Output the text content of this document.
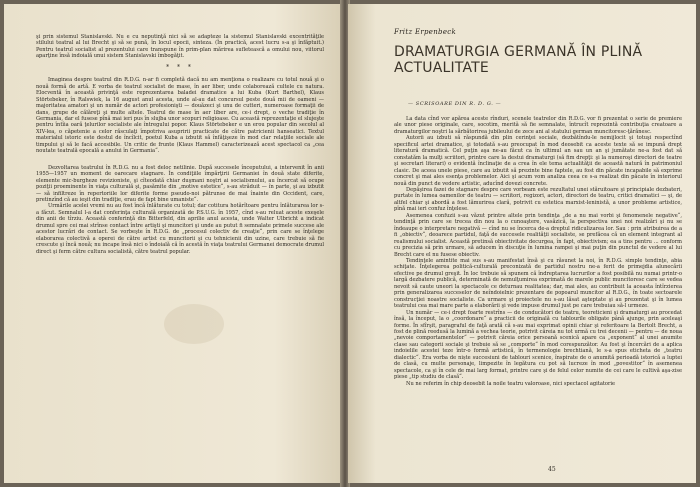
şi prin sistemul Stanislavski. Nu e cu neputinţă nici să se adapteze la sistemul Stanislavski excentrităţile stilului teatral al lui Brecht şi să se pună, în locul epocii, sinteza. (În practică, acest lucru s-a şi înfăptuit.) Pentru teatrul socialist al prezentului care transpune în prim-plan mărirea sufletească a omului nou, viitorul aparţine însă indoială unui sistem Stanislavski îmbogăţit.

* * *

Imaginea despre teatrul din R.D.G. n-ar fi completă dacă nu am menţiona o realizare cu totul nouă şi o nouă formă de artă. E vorba de teatrul socialist de mase, în aer liber, unde colaborează cultele cu natura. Elocventă în această privinţă este reprezentarea baladei dramatice a lui Kuba (Kurt Barthel), Klaus Störtebeker, în Ralswiek, la 16 august anul acesta, unde al-au dat concursul peste două mii de oameni — majoritatea amatori şi un număr de actori profesionişti — douăzeci şi unu de cutteri, numeroase formaţii de dans, grupe de călăreţi şi multe altele. Teatrul de mase în aer liber are, ce-i drept, o veche tradiţie în Germania, dar el fusese pînă mai ieri pus în slujba unor scopuri religioase. Cu această reprezentaţie el slujeşte pentru întîia oară ţelurilor socialiste ale întregului popor. Klaus Störtebeker e un erou popular din secolul al XIV-lea, o căpetenie a celor răsculaţi împotriva asupririi practicate de către patricienii hanseatici. Textul materialul istoric este destul de încîlcit, poetul Kuba a izbutit să înfăţişeze în mod clar relaţiile sociale ale timpului şi să le facă accesibile. Un critic de frunte (Klaus Hammel) caracterizează acest spectacol ca „cea noutate teatrală epocală a anului în Germania“.

Dezvoltarea teatrului în R.D.G. nu a fost deloc netilinie. După succesele începutului, a intervenit în anii 1955—1957 un moment de oarecare stagnare. În condiţiile împărţirii Germaniei în două state diferite, elemente mic-burgheze revizioniste, şi cîteodată chiar duşmani noştri ai socialismului, au încercat să ocupe poziţii proeminente în viaţa culturală şi, pasămite din „motive estetice“, s-au străduit — în parte, şi au izbutit — să infiltreze în repertoriile lor diferite forme pseudo-noi pătrunse de mai înainte din Occident, care, pretinzînd că au ieşit din tradiţie, erau de fapt bine umaniste“.

Urmările acelei vremi nu au fost încă înlăturate cu totul; dar cotitura hotărîtoare pentru înlăturarea lor s-a făcut. Semnalul l-a dat conferinţa culturală organizată de P.S.U.G. în 1957, cînd s-au reluat aceste exeşele din anii de tîrziu. Această conferinţă din Bitterfeld, din aprilie anul acesta, unde Walter Ulbricht a indicat drumul spre cei mai strînse contact între artişti şi muncitori şi unde au putut fi semnalate primele succese ale acestor lucrări de contact. Se vorbeşte în R.D.G. de „procesul colectiv de creaţie“, prin care se înţelege elaborarea colectivă a operei de către artist cu muncitorii şi cu tehnicienii din uzine, care trebuie să fie crescute şi încă nouă; nu incape însă nici o îndoială că în acestă în viaţa teatrului Germanei democrate drumul direct şi ferm către cultura socialistă, către teatrul popular.

Fritz Erpenbeck
DRAMATURGIA GERMANĂ ÎN PLINĂ ACTUALITATE
— SCRISOARE DIN R. D. G. —

La data cînd vor apărea aceste rînduri, scenele teatrelor din R.D.G. vor fi prezentat o serie de premiere ale unor piese originale, care, socotim, meritǎ să fie semnalate, întrucît reprezintă contribuţia creatoare a dramaturgilor noştri la sărbătorirea jubileului de zece ani al statului german muncitoresc-ţărănesc.

Autorii au izbuti să răspundă din plin cerinţei sociale, dezbătîndu-le nemijlocit şi totuşi respectînd specificul artei dramatice, şi totodată s-au preocupat în mod deosebit ca aceste texte să se impună drept literatură dramatică. Cel puţin aşa ne-au făcut ca în ultimul an sau un an şi jumătate ne-a fost dat să constatăm la mulţi scriitori, printre care la destui dramaturgi (să fim drepţi: şi la numeroşi directori de teatre şi secretari literari) o evidentă înclinaţie de a crea în ele tema actualităţii de această natură în patrimoniul clasic. De aceea unele piese, care au izbutit să prezinte bine faptele, au fost din păcate incapabile să exprime concret şi mai ales esenţa problemelor. Aici şi acum vom analiza ceea ce s-a realizat din păcate în interiorul nouă din punct de vedere artistic, aducînd dovezi concrete.

Depăşirea fazei de stagnare despre care vorbeam este rezultatul unei stăruitoare şi principiale dezbateri, purtate în lumea oamenilor de teatru — scriitori, regizori, actori, directori de teatru, critici dramatici — şi, de altfel chiar şi abordă a fost lămurirea clară, potrivit cu estetica marxist-leninistă, a unor probleme artistice, pînă mai ieri confuz înţelese.

Asemenea confuzii s-au văzut printre altele prin tendinţa „de a nu mai vorbi şi fenomenele negative“, tendinţă prin care se trecea din nou la o cunoaştere, vasăzică, la perspectiva unei noi realizări şi nu se îndeaupe o interpretare negativă — cînd nu se încerca de-a dreptul ridiculizarea lor. Sau : prin atribuirea de a fi „obiectiv“, deoarece partidul, faţă de succesele realităţii socialiste, se prefăcea că un element integrant al realismului socialist. Această pretinsă obiectivitate decurgea, în fapt, obiectivism; ea a tins pentru ... conform cu precizia să prin urmare, să aducem în discuţie în lumina rampei şi mai puţin din punctul de vedere al lui Brecht care el nu fusese obiectiv.

Tendinţele amintite mai sus s-au manifestat însă şi cu răsunet la noi, în R.D.G. simple tendinţe, abia schiţate. Înţelegerea politică-culturală preconizată de partidul nostru ne-a ferit de primejdia alunecării efective pe drumul greşit. În loc trebuie să spunem că îndreptarea lucrurilor a fost posibilă nu numai printr-o largă dezbatere publică, determinată de nemulţumirea exprimată de marele public muncitoresc care se vedea nevoit să caute uneori la spectacole ce deturnau realitatea; dar, mai ales, au contribuit la aceasta întîrzierea prin generalizarea succeselor de neîndoielnic prezentare de popoarul muncitor al R.D.G., în toate sectoarele construcţiei noastre socialiste. Ca urmare şi proiectele nu s-au lăsat aşteptate şi au prezentat şi în lumea teatrului cea mai mare parte a elaborării şi vede impuse drumul just pe care trebuiau să-l urmeze.

Un număr — ce-i drept foarte restrîns — de conducători de teatru, teoreticieni şi dramaturgi au procedat însă, la început, la o „coordonare“ a practicii de originală cu tablourile obligate până ajunge, prin aceleaşi forme. În sfîrşit, paragraful de faţă arată că s-au mai exprimat opinii chiar şi referitoare la Bertolt Brecht, a fost de plină reedusă la lumină a vechea teorie, potrivit căreia nu tot urmă cu trei decenii — pentru — de noua „nevoie comportamentelor“ — potrivit căreia orice persoană scenică apare ca „exponent“ al unei anumite clase sau categorii sociale şi trebuie să se „comporte“ în mod corespunzător. Au fost şi încercări de a aplica indoielile acestei teze într-o formă artistică, în termenologie brechtiană, le s-a spus eticheta de „teatru dialectic“. Era vorba de niște succesiuni de tablouri scenice, înspirate de o anumită perioadă istorică a luptei de clasă, cu multe personaje, limpezite în legătura cu pot să lucreze în mod „povestitor“ în asemenea spectacole, ca şi în cele de mai larg format, printre care şi de felul celor numite de cei care le cultivă aşa-zise piese „tip studiu de clasă“.

Nu ne referim în chip deosebit la noile teatru valoroase, nici spectacol agitatorie

45
